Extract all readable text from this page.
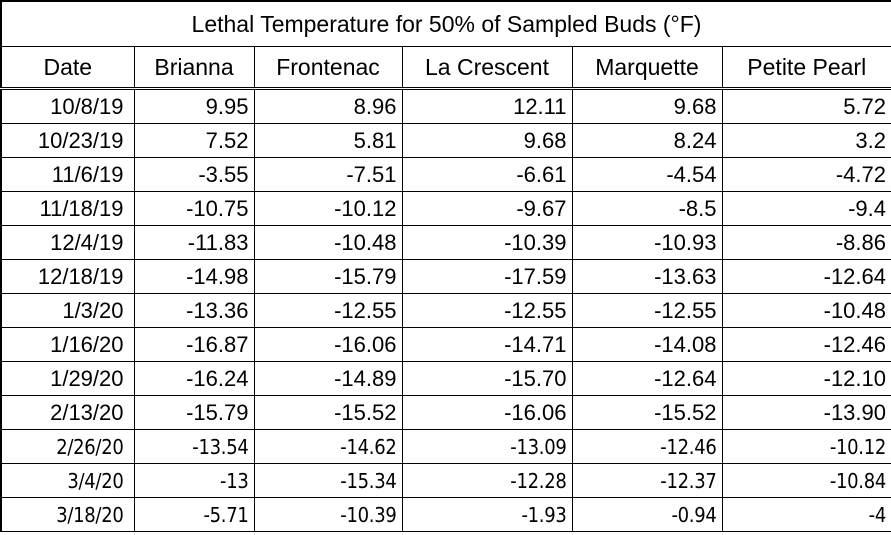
Lethal Temperature for 50% of Sampled Buds (°F)					
Date	Brianna	Frontenac	La Crescent	Marquette	Petite Pearl
10/8/19	9.95	8.96	12.11	9.68	5.72
10/23/19	7.52	5.81	9.68	8.24	3.2
11/6/19	-3.55	-7.51	-6.61	-4.54	-4.72
11/18/19	-10.75	-10.12	-9.67	-8.5	-9.4
12/4/19	-11.83	-10.48	-10.39	-10.93	-8.86
12/18/19	-14.98	-15.79	-17.59	-13.63	-12.64
1/3/20	-13.36	-12.55	-12.55	-12.55	-10.48
1/16/20	-16.87	-16.06	-14.71	-14.08	-12.46
1/29/20	-16.24	-14.89	-15.70	-12.64	-12.10
2/13/20	-15.79	-15.52	-16.06	-15.52	-13.90
2/26/20	-13.54	-14.62	-13.09	-12.46	-10.12
3/4/20	-13	-15.34	-12.28	-12.37	-10.84
3/18/20	-5.71	-10.39	-1.93	-0.94	-4
